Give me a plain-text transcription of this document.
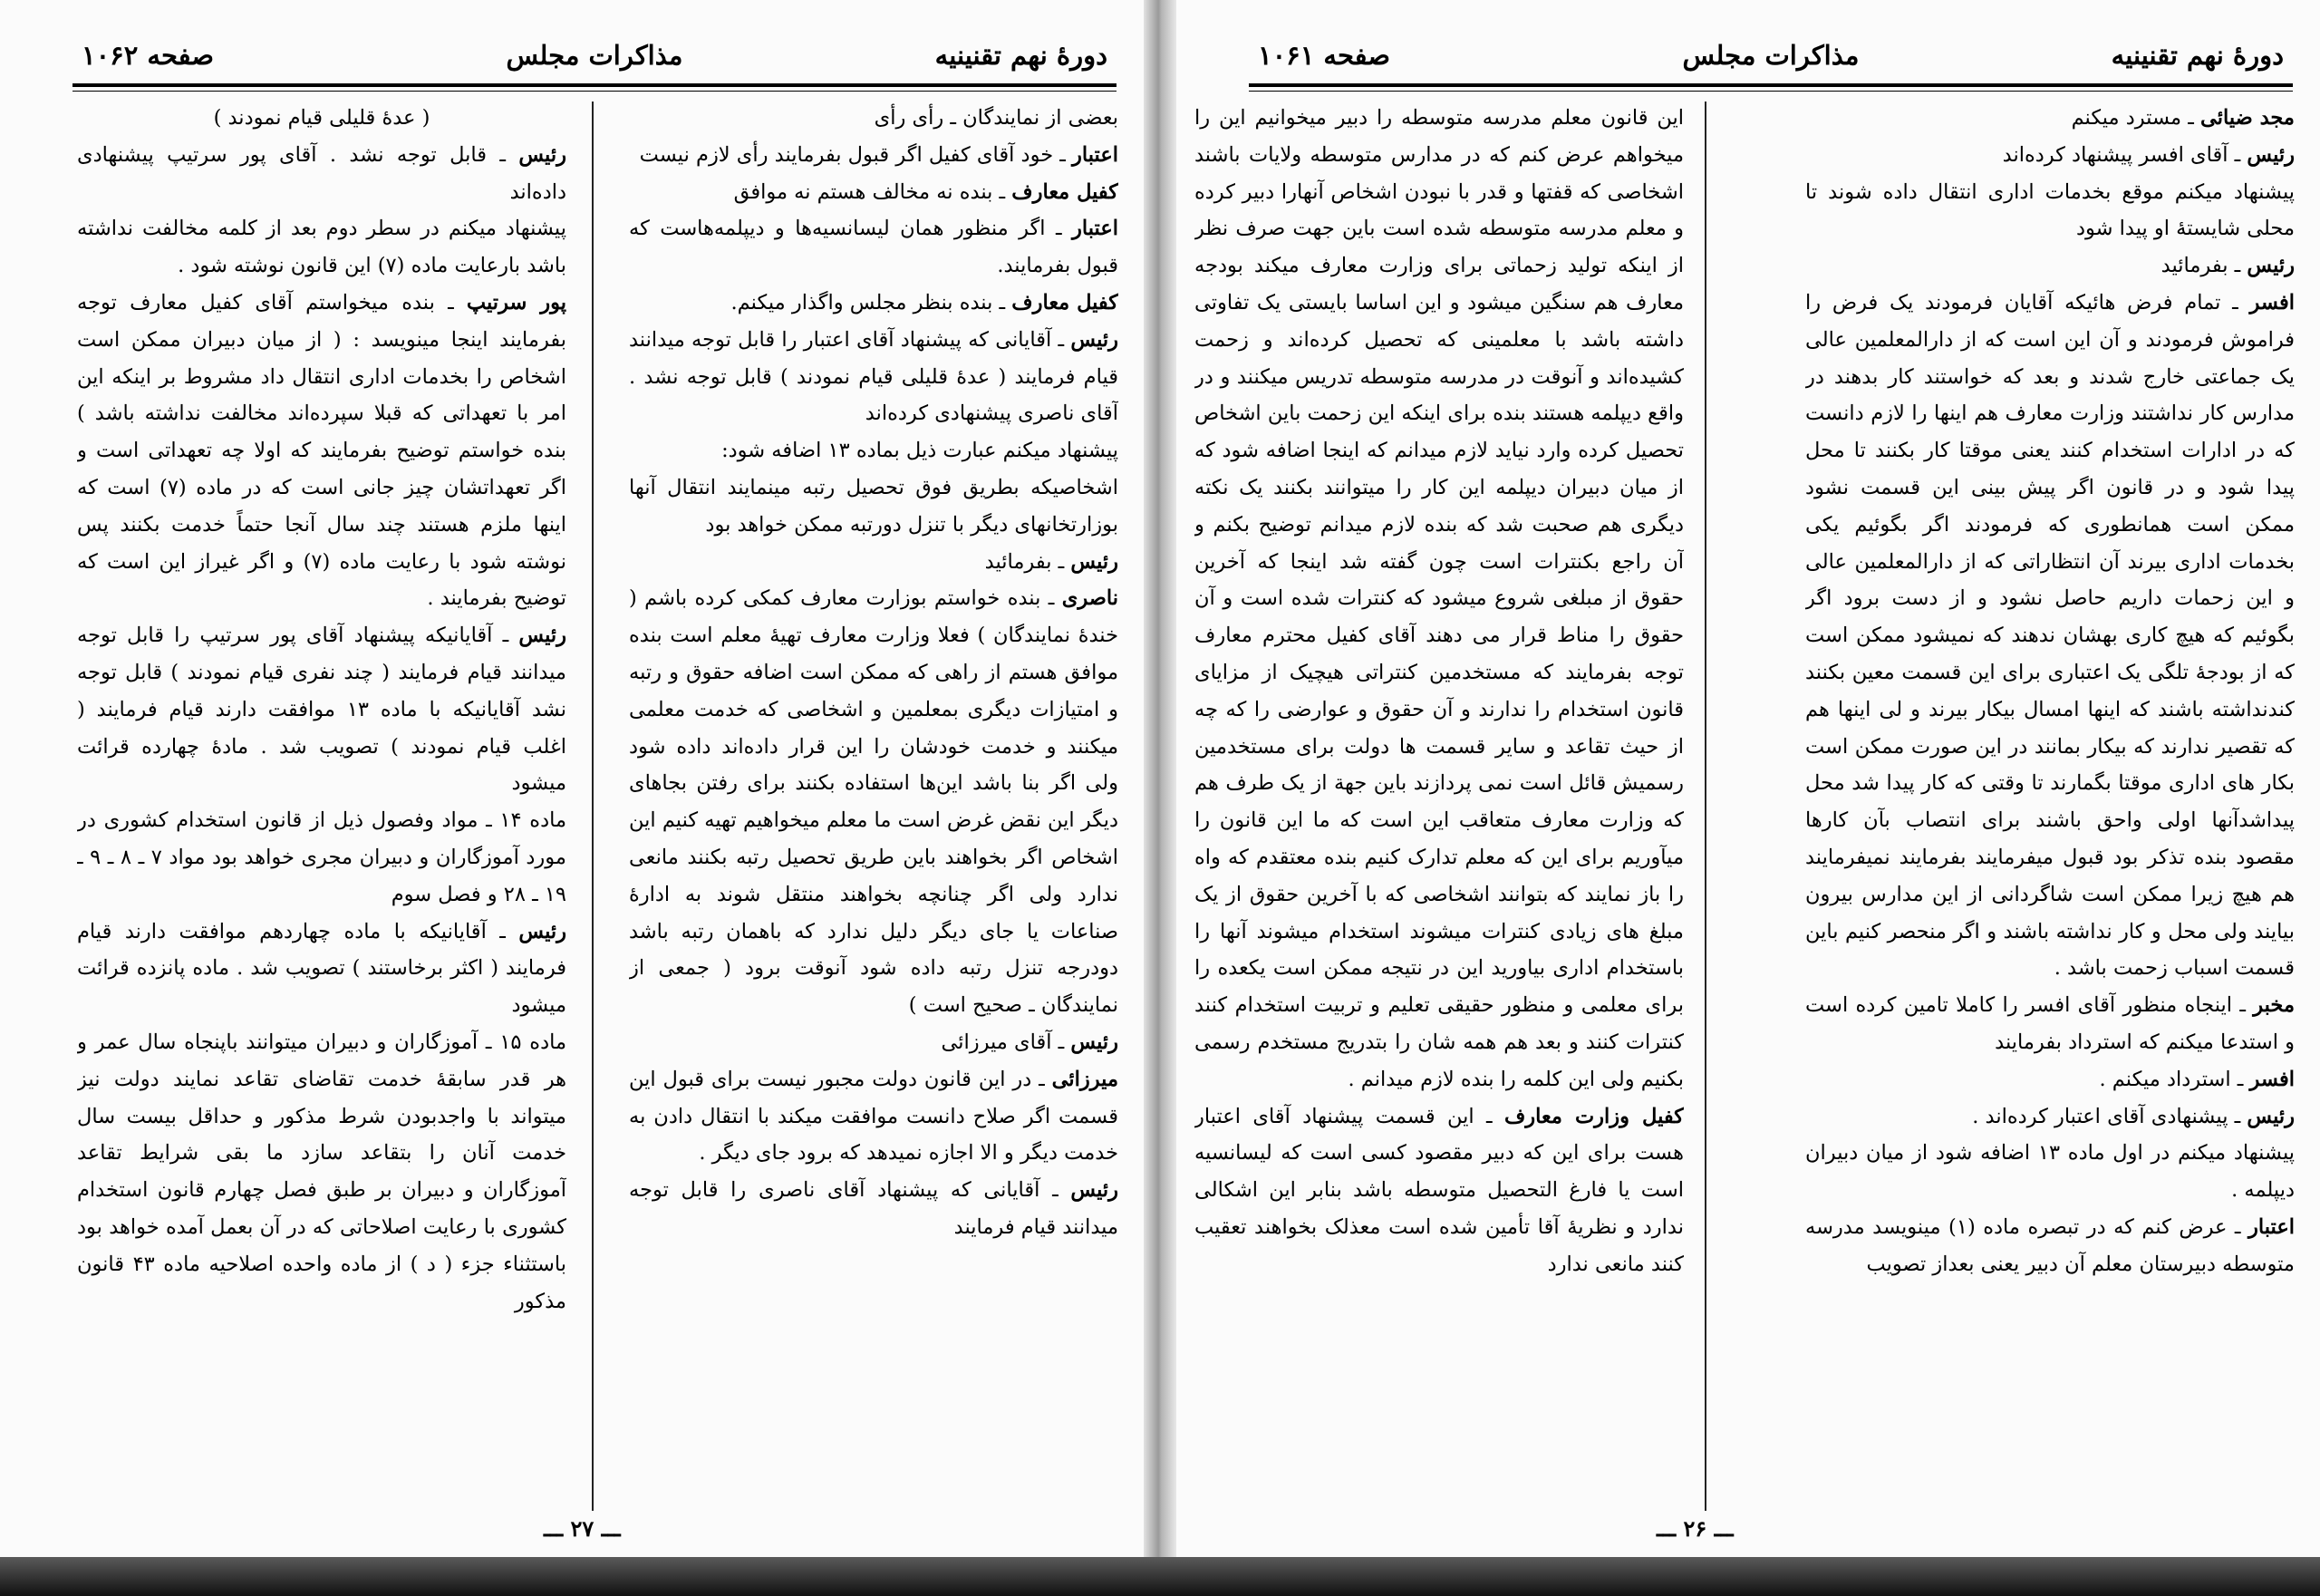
دورهٔ نهم تقنینیه
مذاکرات مجلس
صفحه ۱۰۶۲

بعضی از نمایندگان ـ رأی رأی

اعتبار ـ خود آقای کفیل اگر قبول بفرمایند رأی لازم نیست

کفیل معارف ـ بنده نه مخالف هستم نه موافق

اعتبار ـ اگر منظور همان لیسانسیه‌ها و دیپلمه‌هاست که قبول بفرمایند.

کفیل معارف ـ بنده بنظر مجلس واگذار میکنم.

رئیس ـ آقایانی که پیشنهاد آقای اعتبار را قابل توجه میدانند قیام فرمایند ( عدهٔ قلیلی قیام نمودند ) قابل توجه نشد . آقای ناصری پیشنهادی کرده‌اند

پیشنهاد میکنم عبارت ذیل بماده ۱۳ اضافه شود:

اشخاصیکه بطریق فوق تحصیل رتبه مینمایند انتقال آنها بوزارتخانهای دیگر با تنزل دورتبه ممکن خواهد بود

رئیس ـ بفرمائید

ناصری ـ بنده خواستم بوزارت معارف کمکی کرده باشم ( خندهٔ نمایندگان ) فعلا وزارت معارف تهیهٔ معلم است بنده موافق هستم از راهی که ممکن است اضافه حقوق و رتبه و امتیازات دیگری بمعلمین و اشخاصی که خدمت معلمی میکنند و خدمت خودشان را این قرار داده‌اند داده شود ولی اگر بنا باشد این‌ها استفاده بکنند برای رفتن بجاهای دیگر این نقض غرض است ما معلم میخواهیم تهیه کنیم این اشخاص اگر بخواهند باین طریق تحصیل رتبه بکنند مانعی ندارد ولی اگر چنانچه بخواهند منتقل شوند به ادارهٔ صناعات یا جای دیگر دلیل ندارد که باهمان رتبه باشد دودرجه تنزل رتبه داده شود آنوقت برود ( جمعی از نمایندگان ـ صحیح است )

رئیس ـ آقای میرزائی

میرزائی ـ در این قانون دولت مجبور نیست برای قبول این قسمت اگر صلاح دانست موافقت میکند با انتقال دادن به خدمت دیگر و الا اجازه نمیدهد که برود جای دیگر .

رئیس ـ آقایانی که پیشنهاد آقای ناصری را قابل توجه میدانند قیام فرمایند

( عدهٔ قلیلی قیام نمودند )

رئیس ـ قابل توجه نشد . آقای پور سرتیپ پیشنهادی داده‌اند

پیشنهاد میکنم در سطر دوم بعد از کلمه مخالفت نداشته باشد بارعایت ماده (۷) این قانون نوشته شود .

پور سرتیپ ـ بنده میخواستم آقای کفیل معارف توجه بفرمایند اینجا مینویسد : ( از میان دبیران ممکن است اشخاص را بخدمات اداری انتقال داد مشروط بر اینکه این امر با تعهداتی که قبلا سپرده‌اند مخالفت نداشته باشد ) بنده خواستم توضیح بفرمایند که اولا چه تعهداتی است و اگر تعهداتشان چیز جانی است که در ماده (۷) است که اینها ملزم هستند چند سال آنجا حتماً خدمت بکنند پس نوشته شود با رعایت ماده (۷) و اگر غیراز این است که توضیح بفرمایند .

رئیس ـ آقایانیکه پیشنهاد آقای پور سرتیپ را قابل توجه میدانند قیام فرمایند ( چند نفری قیام نمودند ) قابل توجه نشد آقایانیکه با ماده ۱۳ موافقت دارند قیام فرمایند ( اغلب قیام نمودند ) تصویب شد . مادهٔ چهارده قرائت میشود

ماده ۱۴ ـ مواد وفصول ذیل از قانون استخدام کشوری در مورد آموزگاران و دبیران مجری خواهد بود مواد ۷ ـ ۸ ـ ۹ ـ ۱۹ ـ ۲۸ و فصل سوم

رئیس ـ آقایانیکه با ماده چهاردهم موافقت دارند قیام فرمایند ( اکثر برخاستند ) تصویب شد . ماده پانزده قرائت میشود

ماده ۱۵ ـ آموزگاران و دبیران میتوانند باپنجاه سال عمر و هر قدر سابقهٔ خدمت تقاضای تقاعد نمایند دولت نیز میتواند با واجدبودن شرط مذکور و حداقل بیست سال خدمت آنان را بتقاعد سازد ما بقی شرایط تقاعد آموزگاران و دبیران بر طبق فصل چهارم قانون استخدام کشوری با رعایت اصلاحاتی که در آن بعمل آمده خواهد بود باستثناء جزء ( د ) از ماده واحده اصلاحیه ماده ۴۳ قانون مذکور

ـــ ۲۷ ـــ
دورهٔ نهم تقنینیه
مذاکرات مجلس
صفحه ۱۰۶۱

مجد ضیائی ـ مسترد میکنم

رئیس ـ آقای افسر پیشنهاد کرده‌اند

پیشنهاد میکنم موقع بخدمات اداری انتقال داده شوند تا محلی شایستهٔ او پیدا شود

رئیس ـ بفرمائید

افسر ـ تمام فرض هائیکه آقایان فرمودند یک فرض را فراموش فرمودند و آن این است که از دارالمعلمین عالی یک جماعتی خارج شدند و بعد که خواستند کار بدهند در مدارس کار نداشتند وزارت معارف هم اینها را لازم دانست که در ادارات استخدام کنند یعنی موقتا کار بکنند تا محل پیدا شود و در قانون اگر پیش بینی این قسمت نشود ممکن است همانطوری که فرمودند اگر بگوئیم یکی بخدمات اداری بیرند آن انتظاراتی که از دارالمعلمین عالی و این زحمات داریم حاصل نشود و از دست برود اگر بگوئیم که هیچ کاری بهشان ندهند که نمیشود ممکن است که از بودجهٔ تلگی یک اعتباری برای این قسمت معین بکنند کندنداشته باشند که اینها امسال بیکار بیرند و لی اینها هم که تقصیر ندارند که بیکار بمانند در این صورت ممکن است بکار های اداری موقتا بگمارند تا وقتی که کار پیدا شد محل پیداشدآنها اولی واحق باشند برای انتصاب بآن کارها مقصود بنده تذکر بود قبول میفرمایند بفرمایند نمیفرمایند هم هیچ زیرا ممکن است شاگردانی از این مدارس بیرون بیایند ولی محل و کار نداشته باشند و اگر منحصر کنیم باین قسمت اسباب زحمت باشد .

مخبر ـ اینجاه منظور آقای افسر را کاملا تامین کرده است و استدعا میکنم که استرداد بفرمایند

افسر ـ استرداد میکنم .

رئیس ـ پیشنهادی آقای اعتبار کرده‌اند .

پیشنهاد میکنم در اول ماده ۱۳ اضافه شود از میان دبیران دیپلمه .

اعتبار ـ عرض کنم که در تبصره ماده (۱) مینویسد مدرسه متوسطه دبیرستان معلم آن دبیر یعنی بعداز تصویب

این قانون معلم مدرسه متوسطه را دبیر میخوانیم این را میخواهم عرض کنم که در مدارس متوسطه ولایات باشند اشخاصی که قفتها و قدر با نبودن اشخاص آنهارا دبیر کرده و معلم مدرسه متوسطه شده است باین جهت صرف نظر از اینکه تولید زحماتی برای وزارت معارف میکند بودجه معارف هم سنگین میشود و این اساسا بایستی یک تفاوتی داشته باشد با معلمینی که تحصیل کرده‌اند و زحمت کشیده‌اند و آنوقت در مدرسه متوسطه تدریس میکنند و در واقع دیپلمه هستند بنده برای اینکه این زحمت باین اشخاص تحصیل کرده وارد نیاید لازم میدانم که اینجا اضافه شود که از میان دبیران دیپلمه این کار را میتوانند بکنند یک نکته دیگری هم صحبت شد که بنده لازم میدانم توضیح بکنم و آن راجع بکنترات است چون گفته شد اینجا که آخرین حقوق از مبلغی شروع میشود که کنترات شده است و آن حقوق را مناط قرار می دهند آقای کفیل محترم معارف توجه بفرمایند که مستخدمین کنتراتی هیچیک از مزایای قانون استخدام را ندارند و آن حقوق و عوارضی را که چه از حیث تقاعد و سایر قسمت ها دولت برای مستخدمین رسمیش قائل است نمی پردازند باین جهة از یک طرف هم که وزارت معارف متعاقب این است که ما این قانون را میآوریم برای این که معلم تدارک کنیم بنده معتقدم که واه را باز نمایند که بتوانند اشخاصی که با آخرین حقوق از یک مبلغ های زیادی کنترات میشوند استخدام میشوند آنها را باستخدام اداری بیاورید این در نتیجه ممکن است یکعده را برای معلمی و منظور حقیقی تعلیم و تربیت استخدام کنند کنترات کنند و بعد هم همه شان را بتدریج مستخدم رسمی بکنیم ولی این کلمه را بنده لازم میدانم .

کفیل وزارت معارف ـ این قسمت پیشنهاد آقای اعتبار هست برای این که دبیر مقصود کسی است که لیسانسیه است یا فارغ التحصیل متوسطه باشد بنابر این اشکالی ندارد و نظریهٔ آقا تأمین شده است معذلک بخواهند تعقیب کنند مانعی ندارد

ـــ ۲۶ ـــ
